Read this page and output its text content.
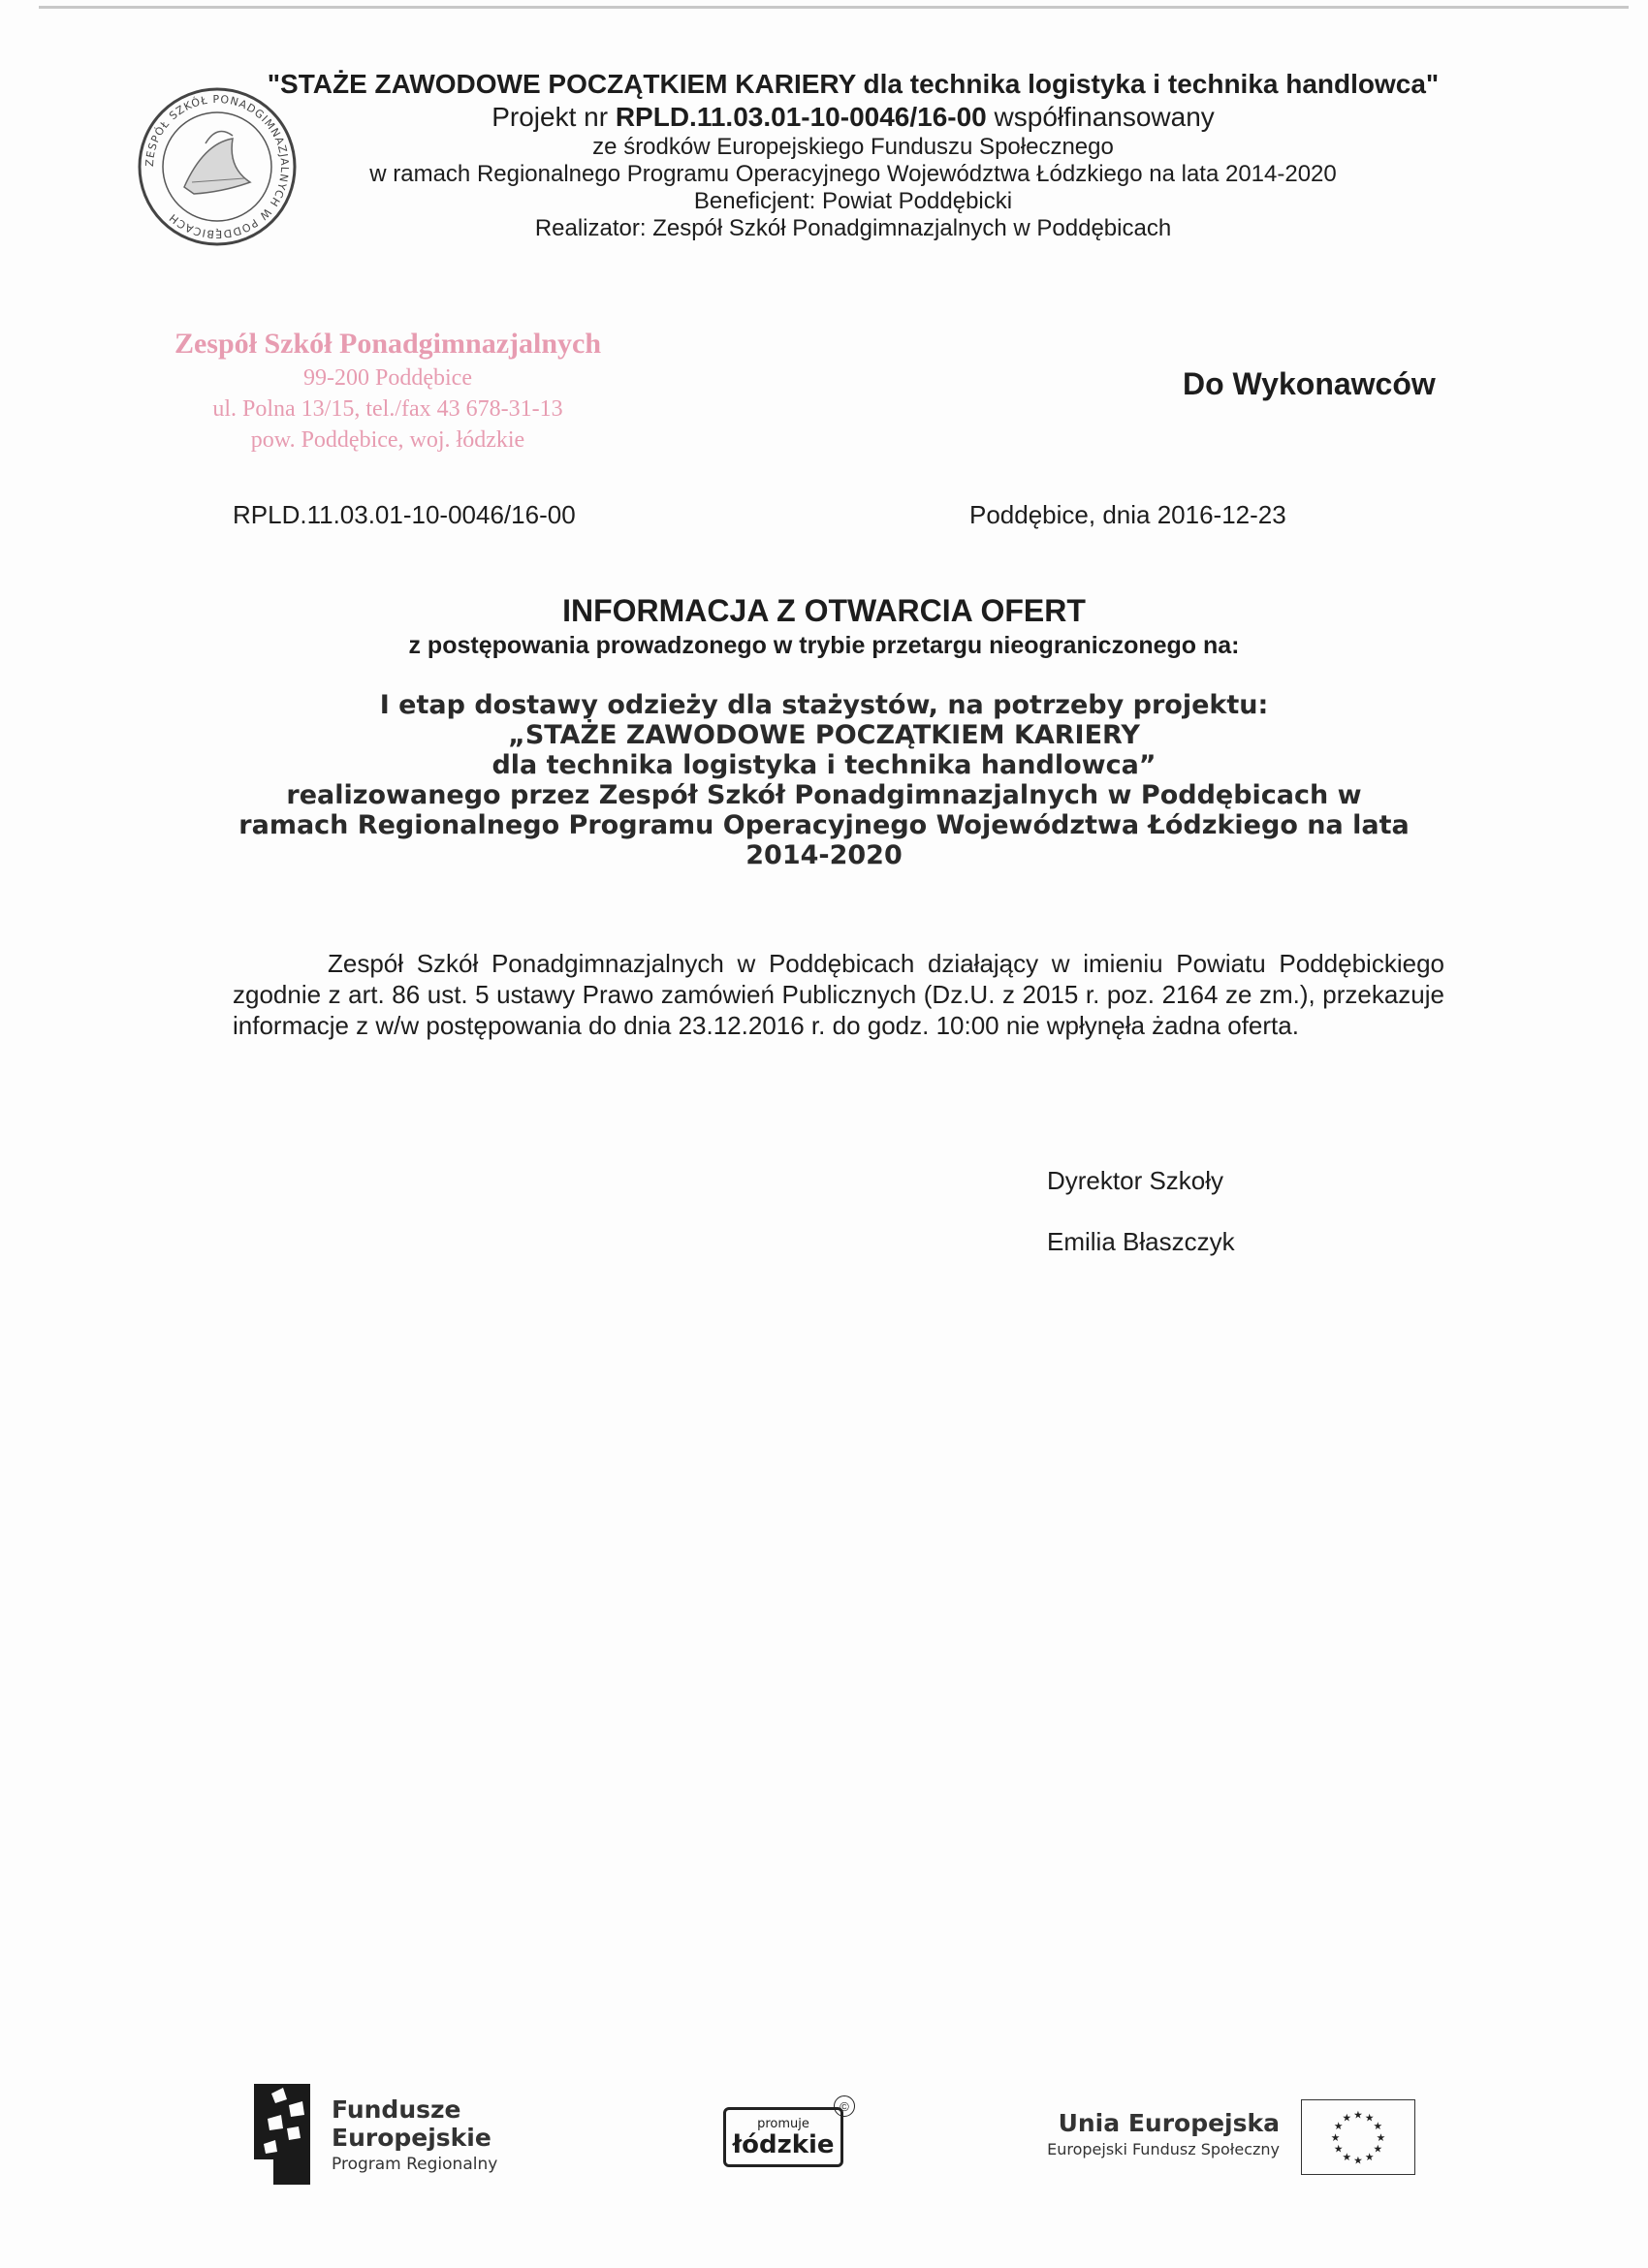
ZESPÓŁ SZKÓŁ PONADGIMNAZJALNYCH W PODDĘBICACH
"STAŻE ZAWODOWE POCZĄTKIEM KARIERY dla technika logistyka i technika handlowca"
Projekt nr RPLD.11.03.01-10-0046/16-00 współfinansowany
ze środków Europejskiego Funduszu Społecznego
w ramach Regionalnego Programu Operacyjnego Województwa Łódzkiego na lata 2014-2020
Beneficjent: Powiat Poddębicki
Realizator: Zespół Szkół Ponadgimnazjalnych w Poddębicach
Zespół Szkół Ponadgimnazjalnych
99-200 Poddębice
ul. Polna 13/15, tel./fax 43 678-31-13
pow. Poddębice, woj. łódzkie
Do Wykonawców
RPLD.11.03.01-10-0046/16-00	Poddębice, dnia 2016-12-23
INFORMACJA Z OTWARCIA OFERT
z postępowania prowadzonego w trybie przetargu nieograniczonego na:
I etap dostawy odzieży dla stażystów, na potrzeby projektu:
„STAŻE ZAWODOWE POCZĄTKIEM KARIERY
dla technika logistyka i technika handlowca”
realizowanego przez Zespół Szkół Ponadgimnazjalnych w Poddębicach w
ramach Regionalnego Programu Operacyjnego Województwa Łódzkiego na lata
2014-2020
Zespół Szkół Ponadgimnazjalnych w Poddębicach działający w imieniu Powiatu Poddębickiego zgodnie z art. 86 ust. 5 ustawy Prawo zamówień Publicznych (Dz.U. z 2015 r. poz. 2164 ze zm.), przekazuje informacje z w/w postępowania do dnia 23.12.2016 r. do godz. 10:00 nie wpłynęła żadna oferta.
Dyrektor Szkoły
Emilia Błaszczyk
Fundusze
Europejskie
Program Regionalny
promuje
łódzkie
©
Unia Europejska
Europejski Fundusz Społeczny
★ ★
★
★
★
★
★
★
★
★
★
★
